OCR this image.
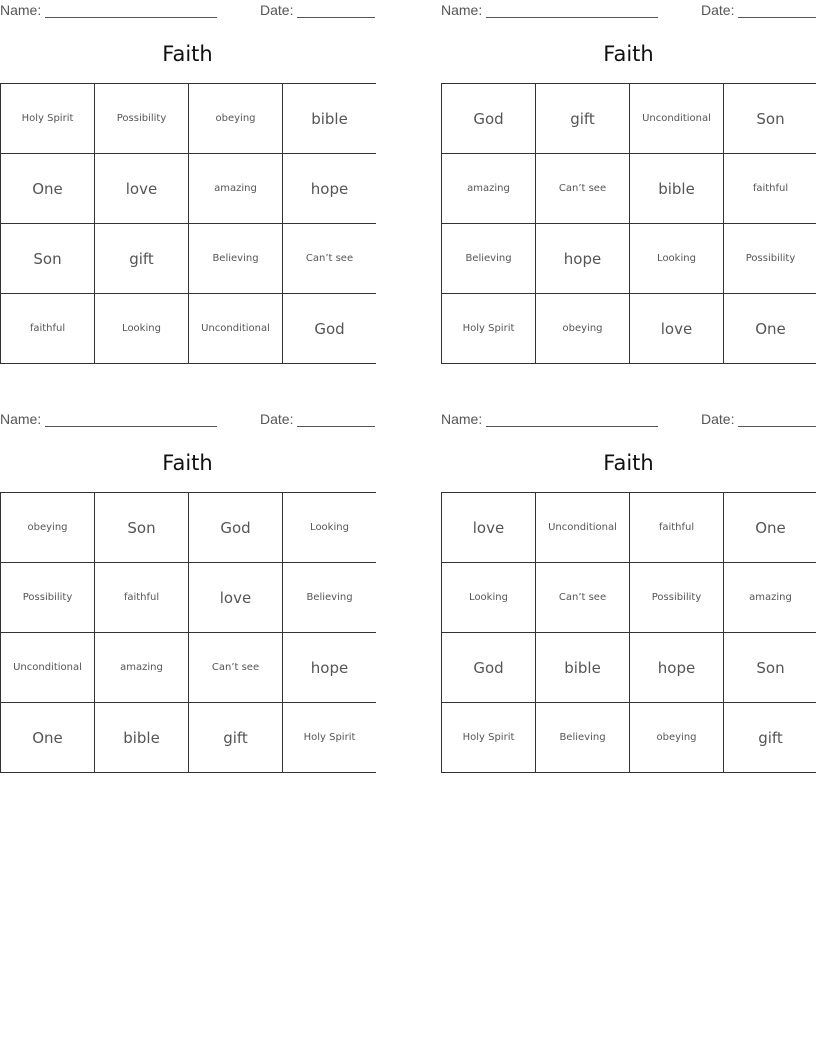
Name:	Date:
Faith
Holy Spirit	Possibility	obeying	bible
One	love	amazing	hope
Son	gift	Believing	Can’t see
faithful	Looking	Unconditional	God
Name:	Date:
Faith
God	gift	Unconditional	Son
amazing	Can’t see	bible	faithful
Believing	hope	Looking	Possibility
Holy Spirit	obeying	love	One
Name:	Date:
Faith
obeying	Son	God	Looking
Possibility	faithful	love	Believing
Unconditional	amazing	Can’t see	hope
One	bible	gift	Holy Spirit
Name:	Date:
Faith
love	Unconditional	faithful	One
Looking	Can’t see	Possibility	amazing
God	bible	hope	Son
Holy Spirit	Believing	obeying	gift
